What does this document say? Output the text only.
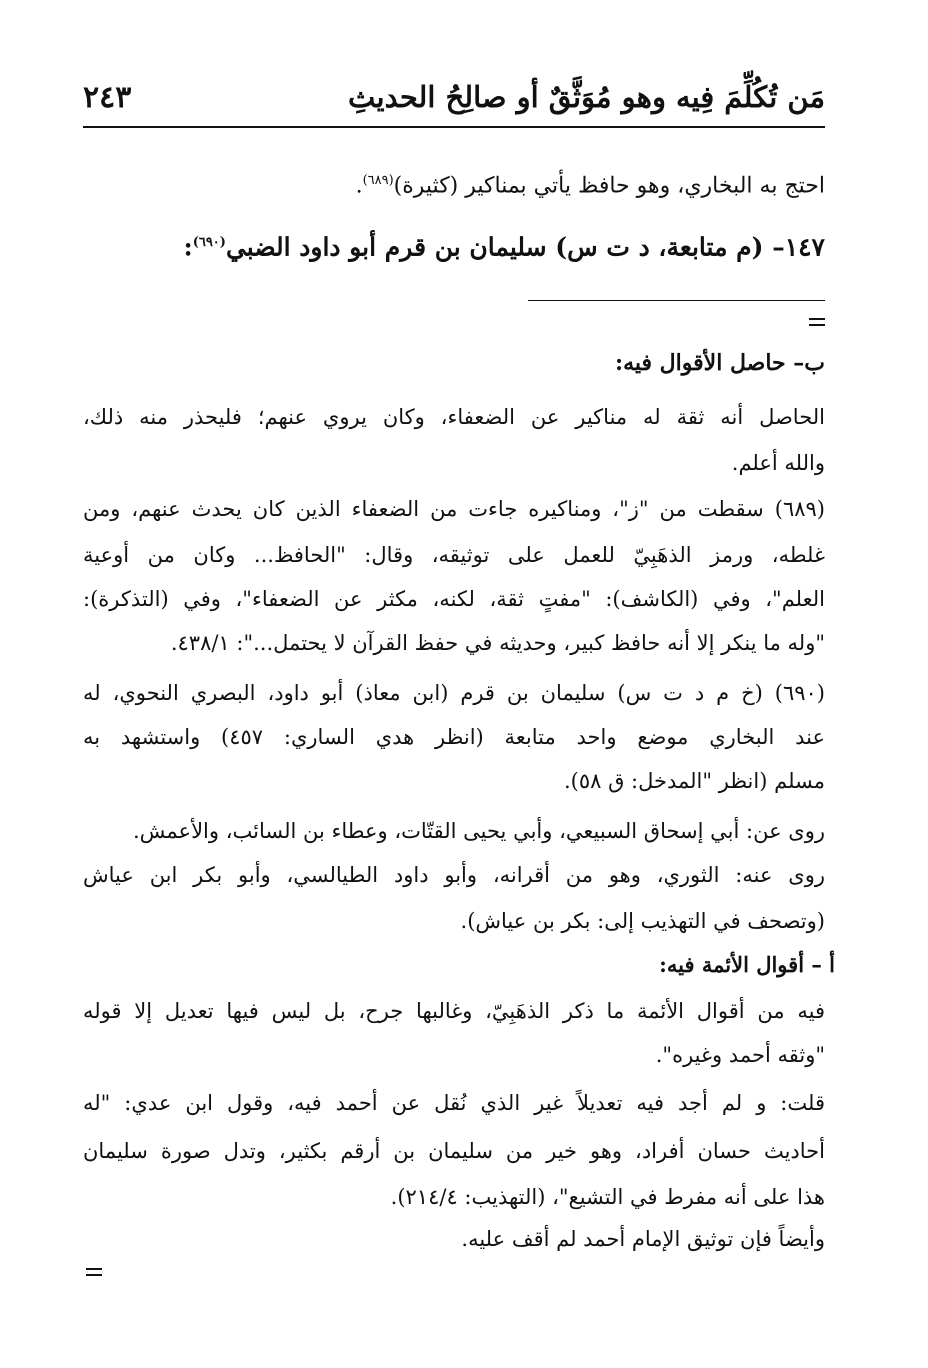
مَن تُكُلِّمَ فِيه وهو مُوَثَّقٌ أو صالِحُ الحديثِ
٢٤٣
احتج به البخاري، وهو حافظ يأتي بمناكير (كثيرة)$^{(٦٨٩)}$.
١٤٧– (م متابعة، د ت س) سليمان بن قرم أبو داود الضبي$^{(٦٩٠)}$:
ب– حاصل الأقوال فيه:
الحاصل أنه ثقة له مناكير عن الضعفاء، وكان يروي عنهم؛ فليحذر منه ذلك،
والله أعلم.
(٦٨٩) سقطت من "ز"، ومناكيره جاءت من الضعفاء الذين كان يحدث عنهم، ومن
غلطه، ورمز الذهَبِيّ للعمل على توثيقه، وقال: "الحافظ... وكان من أوعية
العلم"، وفي (الكاشف): "مفتٍ ثقة، لكنه، مكثر عن الضعفاء"، وفي (التذكرة):
"وله ما ينكر إلا أنه حافظ كبير، وحديثه في حفظ القرآن لا يحتمل...": ٤٣٨/١.
(٦٩٠) (خ م د ت س) سليمان بن قرم (ابن معاذ) أبو داود، البصري النحوي، له
عند البخاري موضع واحد متابعة (انظر هدي الساري: ٤٥٧) واستشهد به
مسلم (انظر "المدخل: ق ٥٨).
روى عن: أبي إسحاق السبيعي، وأبي يحيى القتّات، وعطاء بن السائب، والأعمش.
روى عنه: الثوري، وهو من أقرانه، وأبو داود الطيالسي، وأبو بكر ابن عياش
(وتصحف في التهذيب إلى: بكر بن عياش).
أ – أقوال الأئمة فيه:
فيه من أقوال الأئمة ما ذكر الذهَبِيّ، وغالبها جرح، بل ليس فيها تعديل إلا قوله
"وثقه أحمد وغيره".
قلت: و لم أجد فيه تعديلاً غير الذي نُقل عن أحمد فيه، وقول ابن عدي: "له
أحاديث حسان أفراد، وهو خير من سليمان بن أرقم بكثير، وتدل صورة سليمان
هذا على أنه مفرط في التشيع"، (التهذيب: ٢١٤/٤).
وأيضاً فإن توثيق الإمام أحمد لم أقف عليه.
